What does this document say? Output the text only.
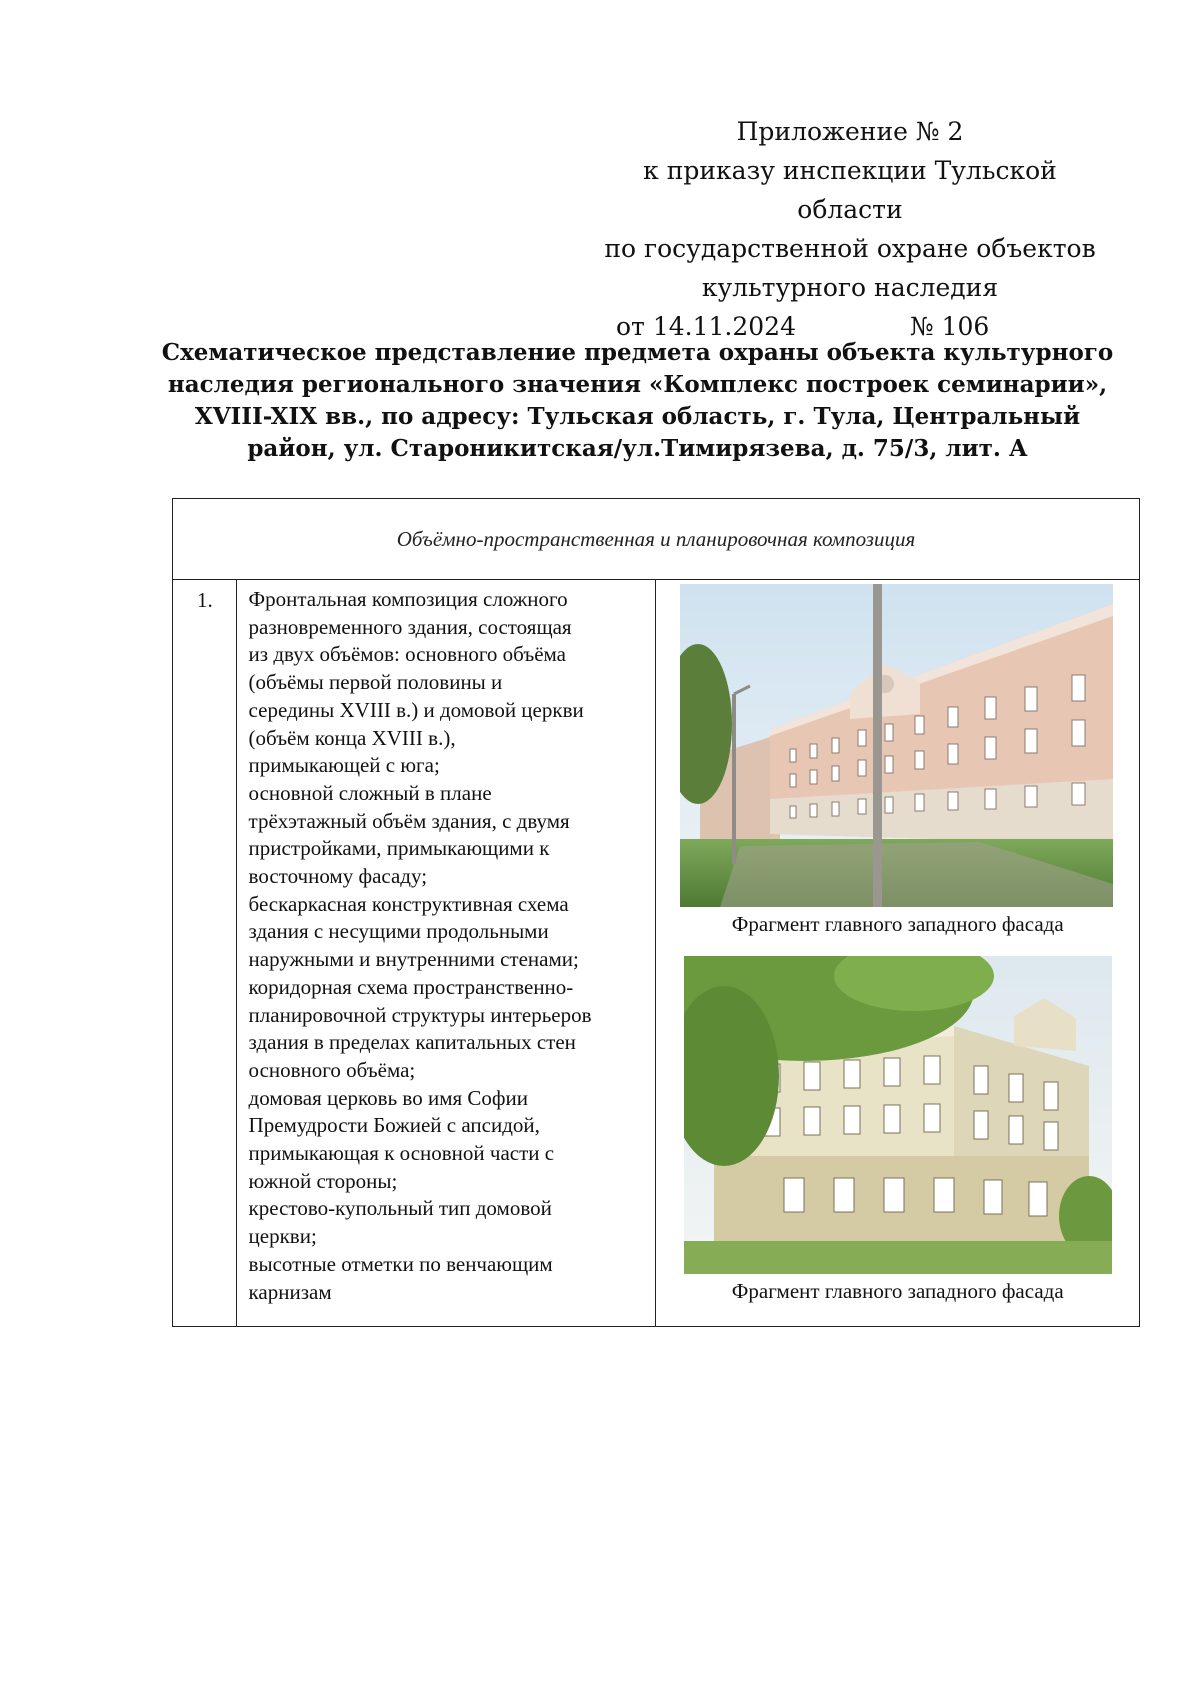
Приложение № 2
к приказу инспекции Тульской области
по государственной охране объектов
культурного наследия
от 14.11.2024	№ 106
Схематическое представление предмета охраны объекта культурного
наследия регионального значения «Комплекс построек семинарии»,
XVIII-XIX вв., по адресу: Тульская область, г. Тула, Центральный
район, ул. Староникитская/ул.Тимирязева, д. 75/3, лит. А
Объёмно-пространственная и планировочная композиция
1.	Фронтальная композиция сложного
разновременного здания, состоящая
из двух объёмов: основного объёма
(объёмы первой половины и
середины XVIII в.) и домовой церкви
(объём конца XVIII в.),
примыкающей с юга;
основной сложный в плане
трёхэтажный объём здания, с двумя
пристройками, примыкающими к
восточному фасаду;
бескаркасная конструктивная схема
здания с несущими продольными
наружными и внутренними стенами;
коридорная схема пространственно-
планировочной структуры интерьеров
здания в пределах капитальных стен
основного объёма;
домовая церковь во имя Софии
Премудрости Божией с апсидой,
примыкающая к основной части с
южной стороны;
крестово-купольный тип домовой
церкви;
высотные отметки по венчающим
карнизам

Фрагмент главного западного фасада
Фрагмент главного западного фасада
